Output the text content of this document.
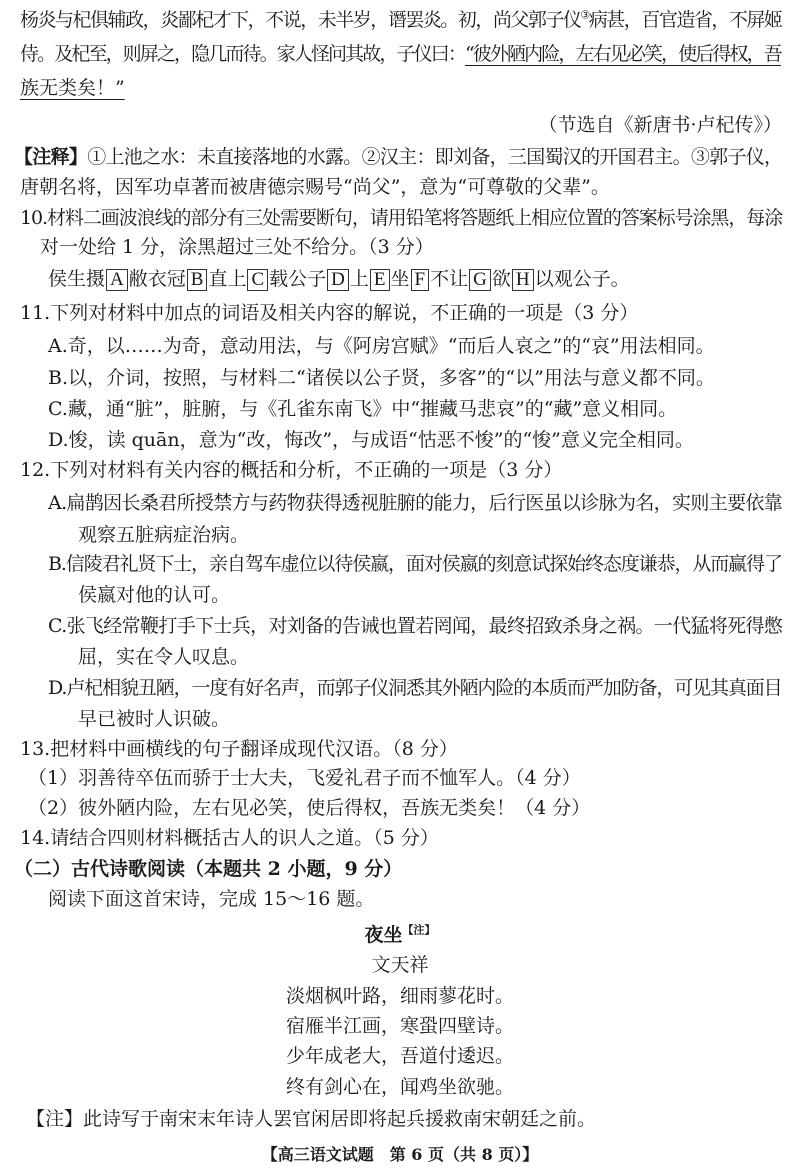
杨炎与杞俱辅政，炎鄙杞才下，不说，未半岁，谮罢炎。初，尚父郭子仪③病甚，百官造省，不屏姬
侍。及杞至，则屏之，隐几而待。家人怪问其故，子仪曰：“彼外陋内险，左右见必笑，使后得权，吾
族无类矣！”
（节选自《新唐书·卢杞传》）
【注释】①上池之水：未直接落地的水露。②汉主：即刘备，三国蜀汉的开国君主。③郭子仪，
唐朝名将，因军功卓著而被唐德宗赐号“尚父”，意为“可尊敬的父辈”。
10.材料二画波浪线的部分有三处需要断句，请用铅笔将答题纸上相应位置的答案标号涂黑，每涂
对一处给 1 分，涂黑超过三处不给分。（3 分）
侯生摄 A 敝衣冠 B 直上 C 载公子 D 上 E 坐 F 不让 G 欲 H 以观公子。
11.下列对材料中加点的词语及相关内容的解说，不正确的一项是（3 分）
A.奇，以……为奇，意动用法，与《阿房宫赋》“而后人哀之”的“哀”用法相同。
B.以，介词，按照，与材料二“诸侯以公子贤，多客”的“以”用法与意义都不同。
C.藏，通“脏”，脏腑，与《孔雀东南飞》中“摧藏马悲哀”的“藏”意义相同。
D.悛，读 quān，意为“改，悔改”，与成语“怙恶不悛”的“悛”意义完全相同。
12.下列对材料有关内容的概括和分析，不正确的一项是（3 分）
A.扁鹊因长桑君所授禁方与药物获得透视脏腑的能力，后行医虽以诊脉为名，实则主要依靠
观察五脏病症治病。
B.信陵君礼贤下士，亲自驾车虚位以待侯嬴，面对侯嬴的刻意试探始终态度谦恭，从而赢得了
侯嬴对他的认可。
C.张飞经常鞭打手下士兵，对刘备的告诫也置若罔闻，最终招致杀身之祸。一代猛将死得憋
屈，实在令人叹息。
D.卢杞相貌丑陋，一度有好名声，而郭子仪洞悉其外陋内险的本质而严加防备，可见其真面目
早已被时人识破。
13.把材料中画横线的句子翻译成现代汉语。（8 分）
（1）羽善待卒伍而骄于士大夫，飞爱礼君子而不恤军人。（4 分）
（2）彼外陋内险，左右见必笑，使后得权，吾族无类矣！（4 分）
14.请结合四则材料概括古人的识人之道。（5 分）
（二）古代诗歌阅读（本题共 2 小题，9 分）
阅读下面这首宋诗，完成 15～16 题。
夜坐$^{【注】}$
文天祥
淡烟枫叶路，细雨蓼花时。
宿雁半江画，寒蛩四壁诗。
少年成老大，吾道付逶迟。
终有剑心在，闻鸡坐欲驰。
【注】此诗写于南宋末年诗人罢官闲居即将起兵援救南宋朝廷之前。
【高三语文试题　第 6 页（共 8 页）】
